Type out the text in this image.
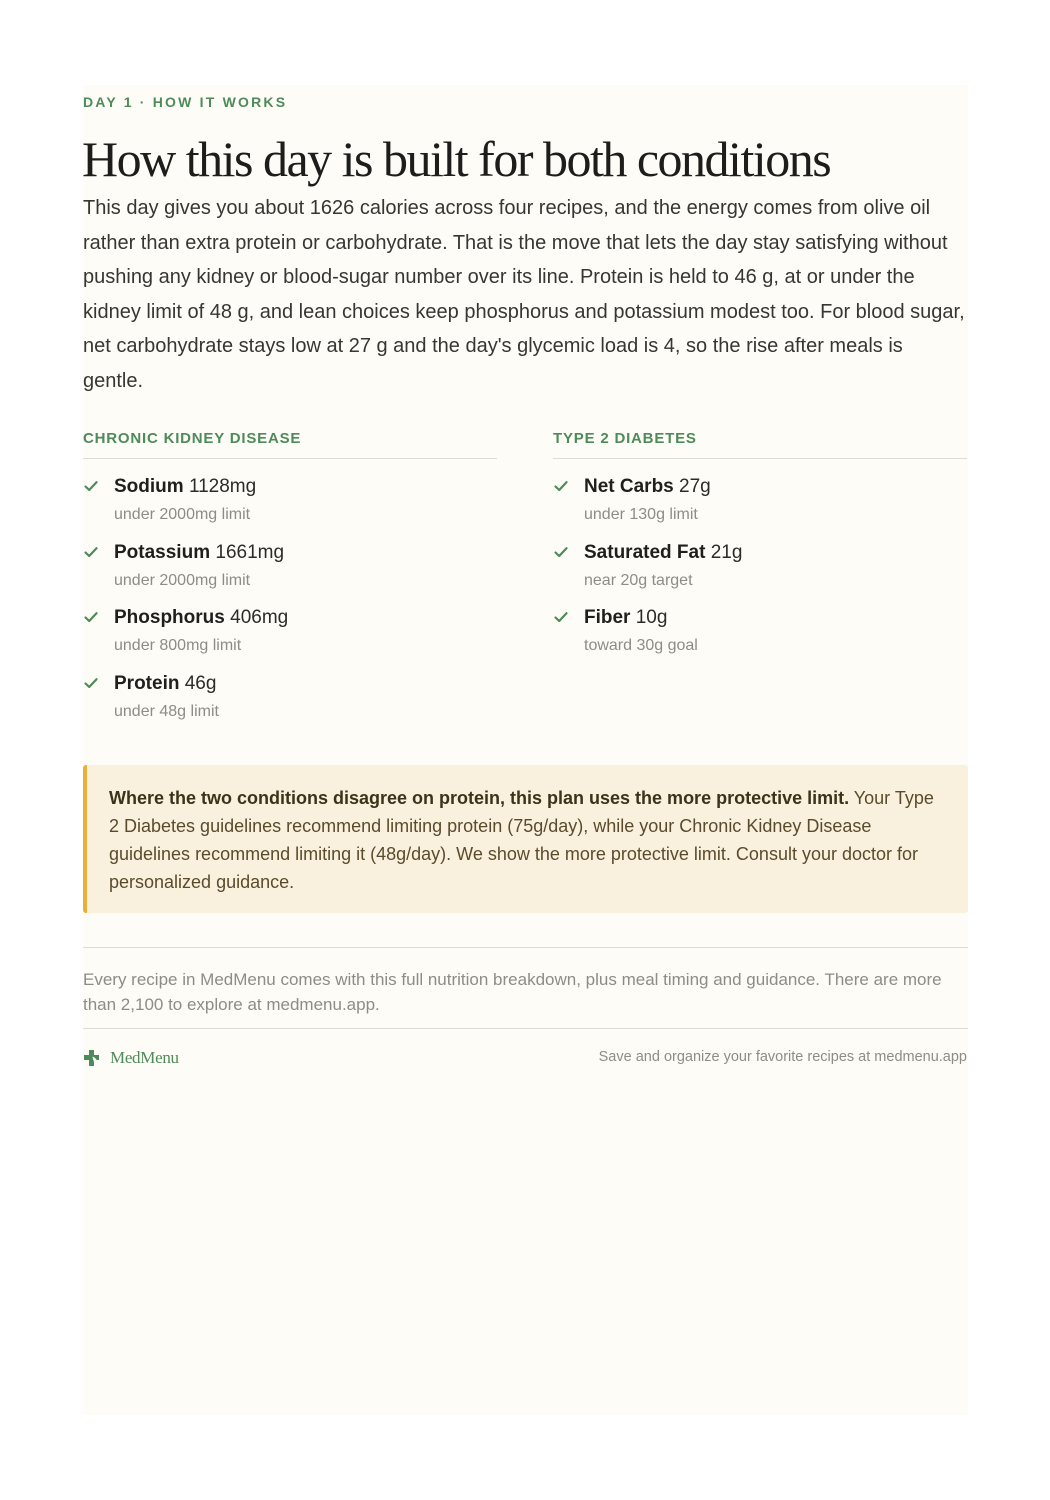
DAY 1 · HOW IT WORKS
How this day is built for both conditions

This day gives you about 1626 calories across four recipes, and the energy comes from olive oil rather than extra protein or carbohydrate. That is the move that lets the day stay satisfying without pushing any kidney or blood-sugar number over its line. Protein is held to 46 g, at or under the kidney limit of 48 g, and lean choices keep phosphorus and potassium modest too. For blood sugar, net carbohydrate stays low at 27 g and the day's glycemic load is 4, so the rise after meals is gentle.

CHRONIC KIDNEY DISEASE
Sodium 1128mg
under 2000mg limit
Potassium 1661mg
under 2000mg limit
Phosphorus 406mg
under 800mg limit
Protein 46g
under 48g limit
TYPE 2 DIABETES
Net Carbs 27g
under 130g limit
Saturated Fat 21g
near 20g target
Fiber 10g
toward 30g goal
Where the two conditions disagree on protein, this plan uses the more protective limit. Your Type 2 Diabetes guidelines recommend limiting protein (75g/day), while your Chronic Kidney Disease guidelines recommend limiting it (48g/day). We show the more protective limit. Consult your doctor for personalized guidance.

Every recipe in MedMenu comes with this full nutrition breakdown, plus meal timing and guidance. There are more than 2,100 to explore at medmenu.app.

MedMenu	Save and organize your favorite recipes at medmenu.app
